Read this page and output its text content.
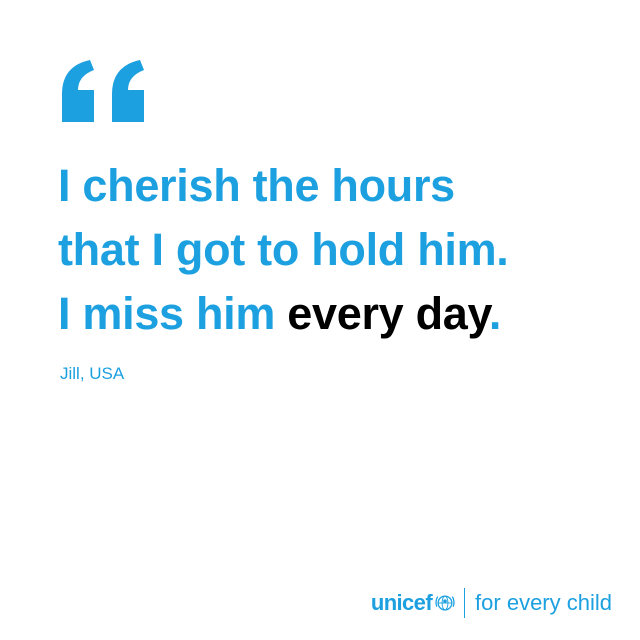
I cherish the hours
that I got to hold him.
I miss him every day.

Jill, USA
unicef for every child
